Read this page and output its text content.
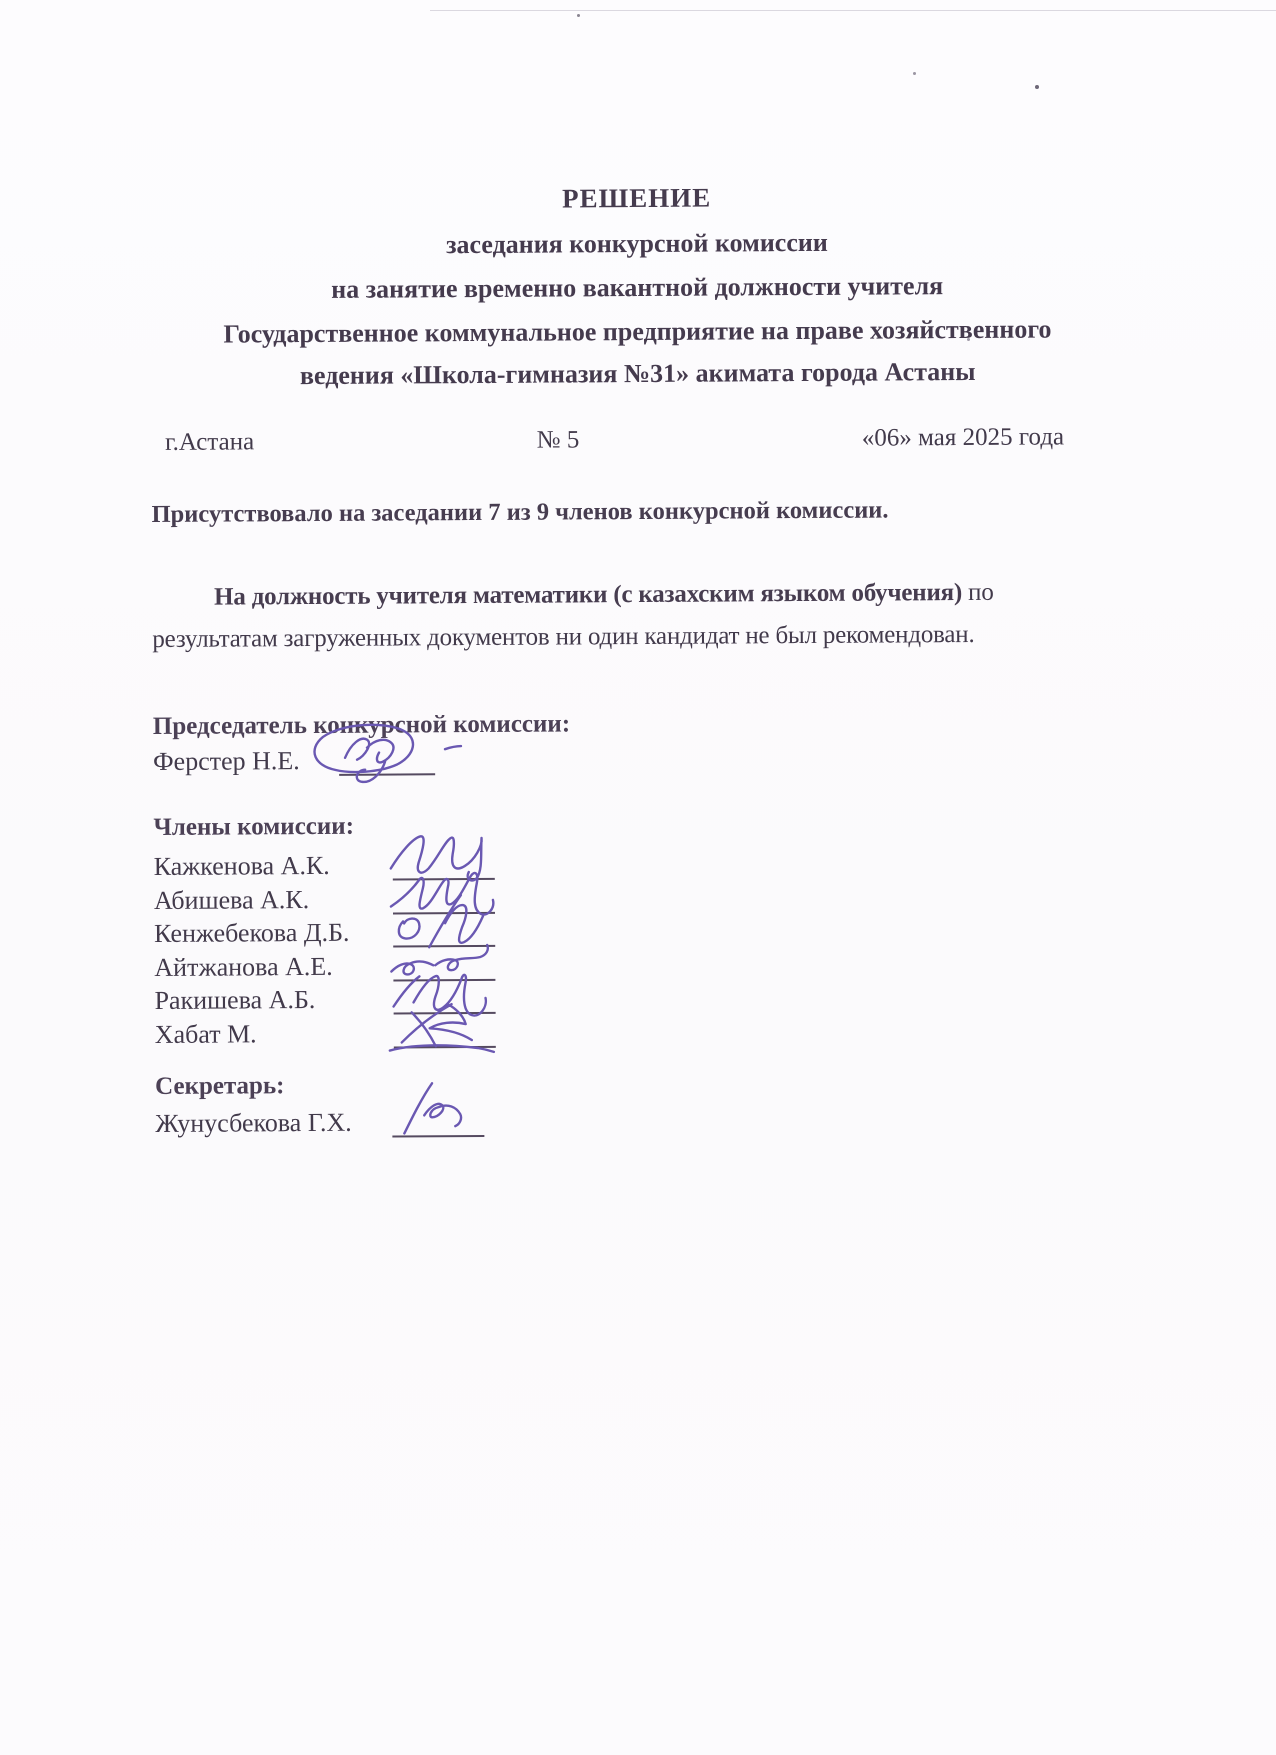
РЕШЕНИЕ
заседания конкурсной комиссии
на занятие временно вакантной должности учителя
Государственное коммунальное предприятие на праве хозяйственного
ведения «Школа-гимназия №31» акимата города Астаны
г.Астана	№ 5	«06» мая 2025 года
Присутствовало на заседании 7 из 9 членов конкурсной комиссии.
На должность учителя математики (с казахским языком обучения) по
результатам загруженных документов ни один кандидат не был рекомендован.
Председатель конкурсной комиссии:
Ферстер Н.Е.
Члены комиссии:
Кажкенова А.К.
Абишева А.К.
Кенжебекова Д.Б.
Айтжанова А.Е.
Ракишева А.Б.
Хабат М.
Секретарь:
Жунусбекова Г.Х.
